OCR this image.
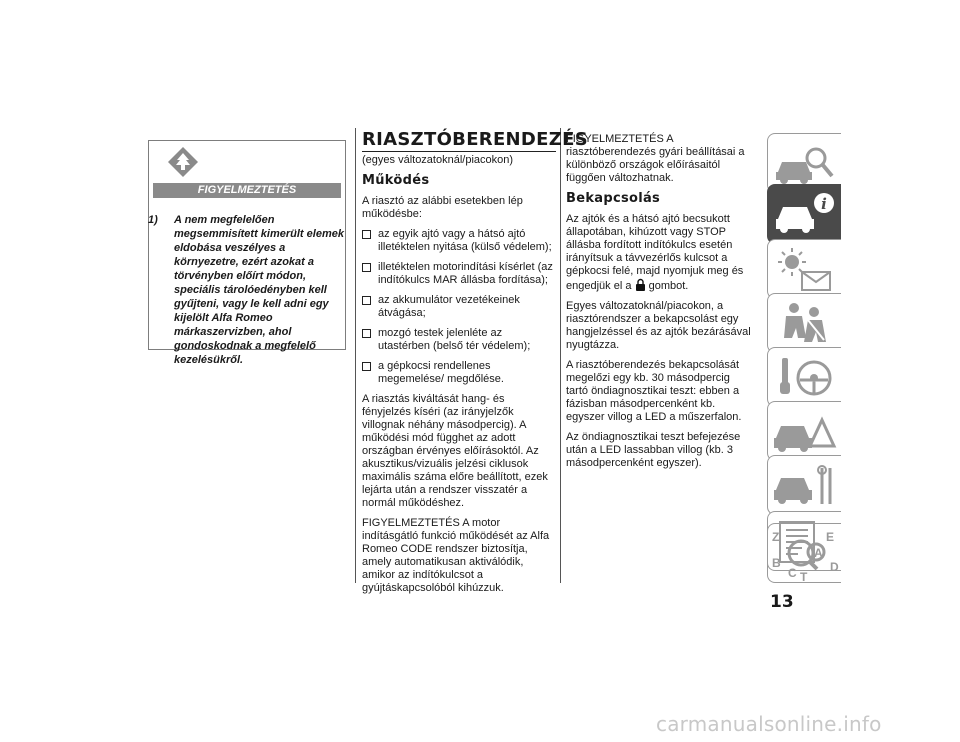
FIGYELMEZTETÉS
1)	A nem megfelelően megsemmisített kimerült elemek eldobása veszélyes a környezetre, ezért azokat a törvényben előírt módon, speciális tárolóedényben kell gyűjteni, vagy le kell adni egy kijelölt Alfa Romeo márkaszervizben, ahol gondoskodnak a megfelelő kezelésükről.
RIASZTÓBERENDEZÉS

(egyes változatoknál/piacokon)

Működés

A riasztó az alábbi esetekben lép működésbe:

az egyik ajtó vagy a hátsó ajtó illetéktelen nyitása (külső védelem);
illetéktelen motorindítási kísérlet (az indítókulcs MAR állásba fordítása);
az akkumulátor vezetékeinek átvágása;
mozgó testek jelenléte az utastérben (belső tér védelem);
a gépkocsi rendellenes megemelése/ megdőlése.

A riasztás kiváltását hang- és fényjelzés kíséri (az irányjelzők villognak néhány másodpercig). A működési mód függhet az adott országban érvényes előírásoktól. Az akusztikus/vizuális jelzési ciklusok maximális száma előre beállított, ezek lejárta után a rendszer visszatér a normál működéshez.

FIGYELMEZTETÉS A motor indításgátló funkció működését az Alfa Romeo CODE rendszer biztosítja, amely automatikusan aktiválódik, amikor az indítókulcsot a gyújtáskapcsolóból kihúzzuk.

FIGYELMEZTETÉS A riasztóberendezés gyári beállításai a különböző országok előírásaitól függően változhatnak.

Bekapcsolás

Az ajtók és a hátsó ajtó becsukott állapotában, kihúzott vagy STOP állásba fordított indítókulcs esetén irányítsuk a távvezérlős kulcsot a gépkocsi felé, majd nyomjuk meg és engedjük el a gombot.

Egyes változatoknál/piacokon, a riasztórendszer a bekapcsolást egy hangjelzéssel és az ajtók bezárásával nyugtázza.

A riasztóberendezés bekapcsolását megelőzi egy kb. 30 másodpercig tartó öndiagnosztikai teszt: ebben a fázisban másodpercenként kb. egyszer villog a LED a műszerfalon.

Az öndiagnosztikai teszt befejezése után a LED lassabban villog (kb. 3 másodpercenként egyszer).

i
Z	E
B
A
C T
D
13
carmanualsonline.info
